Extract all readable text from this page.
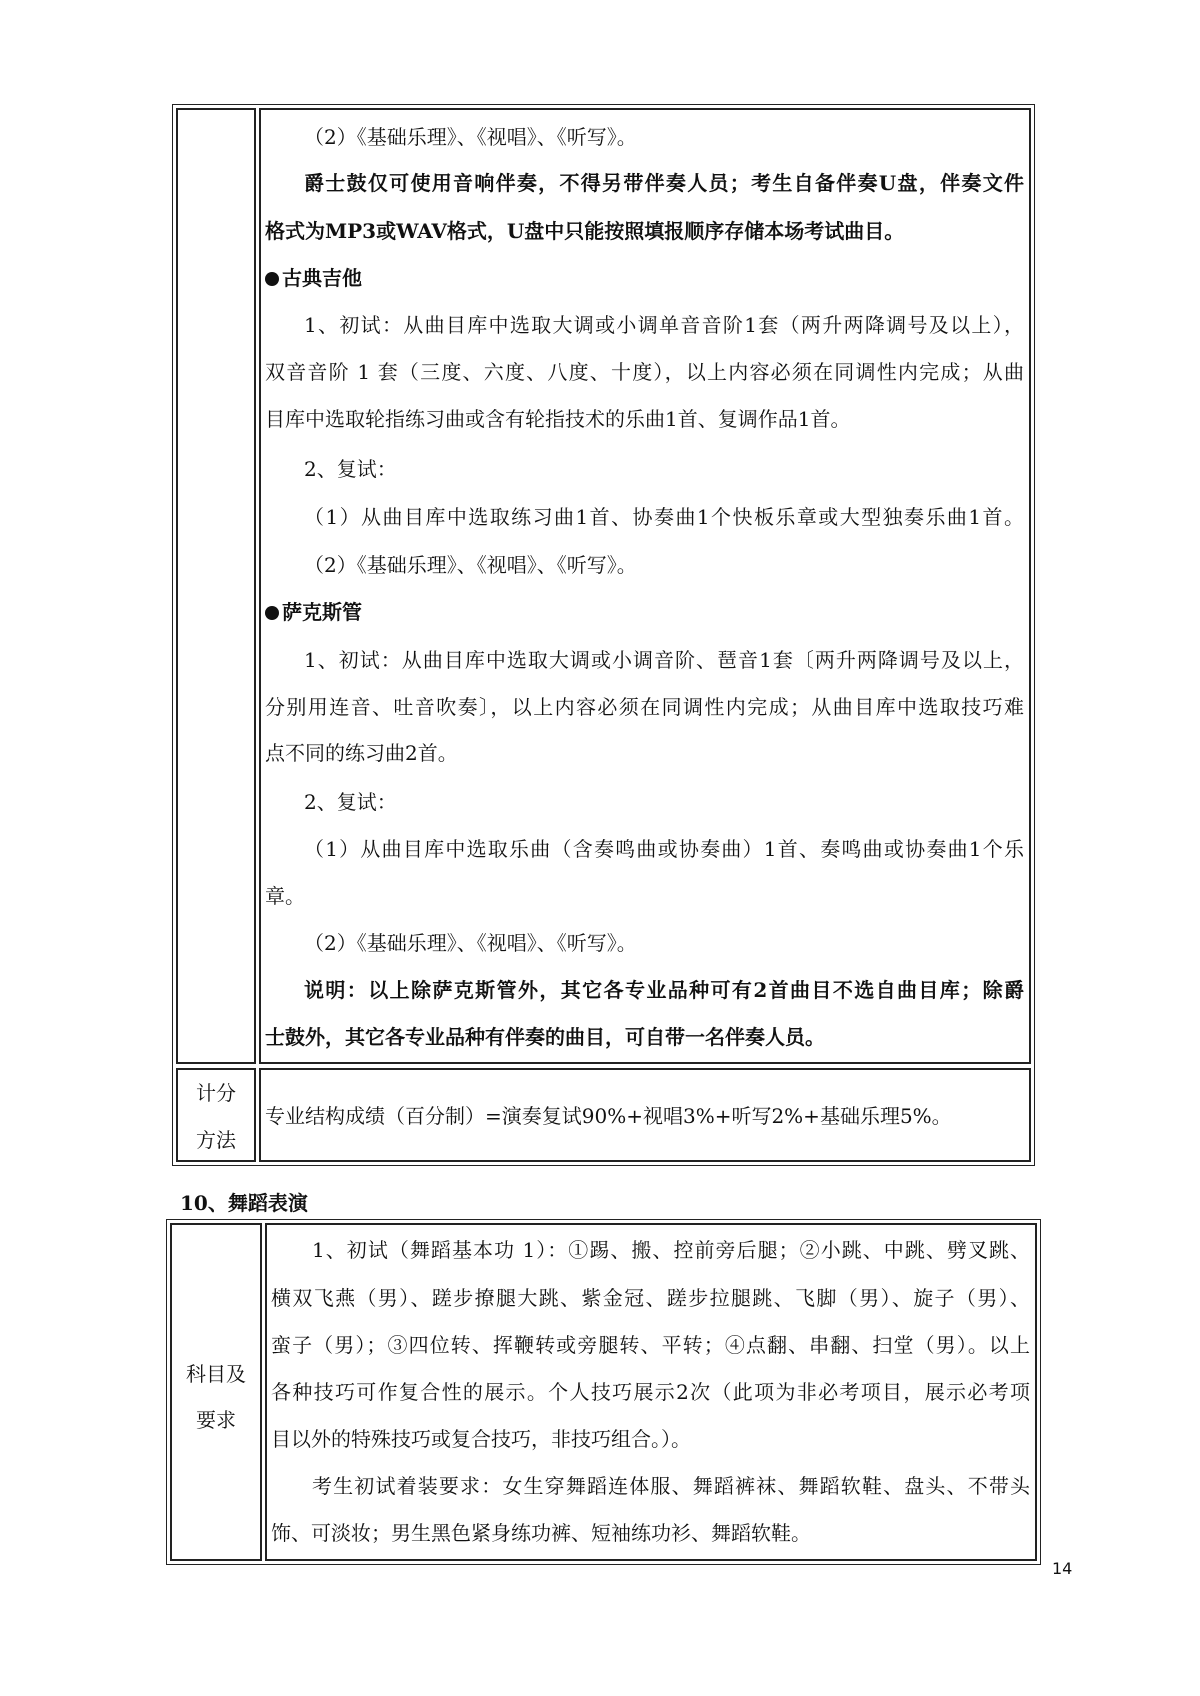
（2）《基础乐理》、《视唱》、《听写》。
爵士鼓仅可使用音响伴奏，不得另带伴奏人员；考生自备伴奏U盘，伴奏文件
格式为MP3或WAV格式，U盘中只能按照填报顺序存储本场考试曲目。
古典吉他
1、初试：从曲目库中选取大调或小调单音音阶1套（两升两降调号及以上），
双音音阶 1 套（三度、六度、八度、十度），以上内容必须在同调性内完成；从曲
目库中选取轮指练习曲或含有轮指技术的乐曲1首、复调作品1首。
2、复试：
（1）从曲目库中选取练习曲1首、协奏曲1个快板乐章或大型独奏乐曲1首。
（2）《基础乐理》、《视唱》、《听写》。
萨克斯管
1、初试：从曲目库中选取大调或小调音阶、琶音1套〔两升两降调号及以上，
分别用连音、吐音吹奏〕，以上内容必须在同调性内完成；从曲目库中选取技巧难
点不同的练习曲2首。
2、复试：
（1）从曲目库中选取乐曲（含奏鸣曲或协奏曲）1首、奏鸣曲或协奏曲1个乐
章。
（2）《基础乐理》、《视唱》、《听写》。
说明：以上除萨克斯管外，其它各专业品种可有2首曲目不选自曲目库；除爵
士鼓外，其它各专业品种有伴奏的曲目，可自带一名伴奏人员。
计分
方法
专业结构成绩（百分制）=演奏复试90%+视唱3%+听写2%+基础乐理5%。
10、舞蹈表演
科目及
要求
1、初试（舞蹈基本功 1）：①踢、搬、控前旁后腿；②小跳、中跳、劈叉跳、
横双飞燕（男）、蹉步撩腿大跳、紫金冠、蹉步拉腿跳、飞脚（男）、旋子（男）、
蛮子（男）；③四位转、挥鞭转或旁腿转、平转；④点翻、串翻、扫堂（男）。以上
各种技巧可作复合性的展示。个人技巧展示2次（此项为非必考项目，展示必考项
目以外的特殊技巧或复合技巧，非技巧组合。）。
考生初试着装要求：女生穿舞蹈连体服、舞蹈裤袜、舞蹈软鞋、盘头、不带头
饰、可淡妆；男生黑色紧身练功裤、短袖练功衫、舞蹈软鞋。
14
